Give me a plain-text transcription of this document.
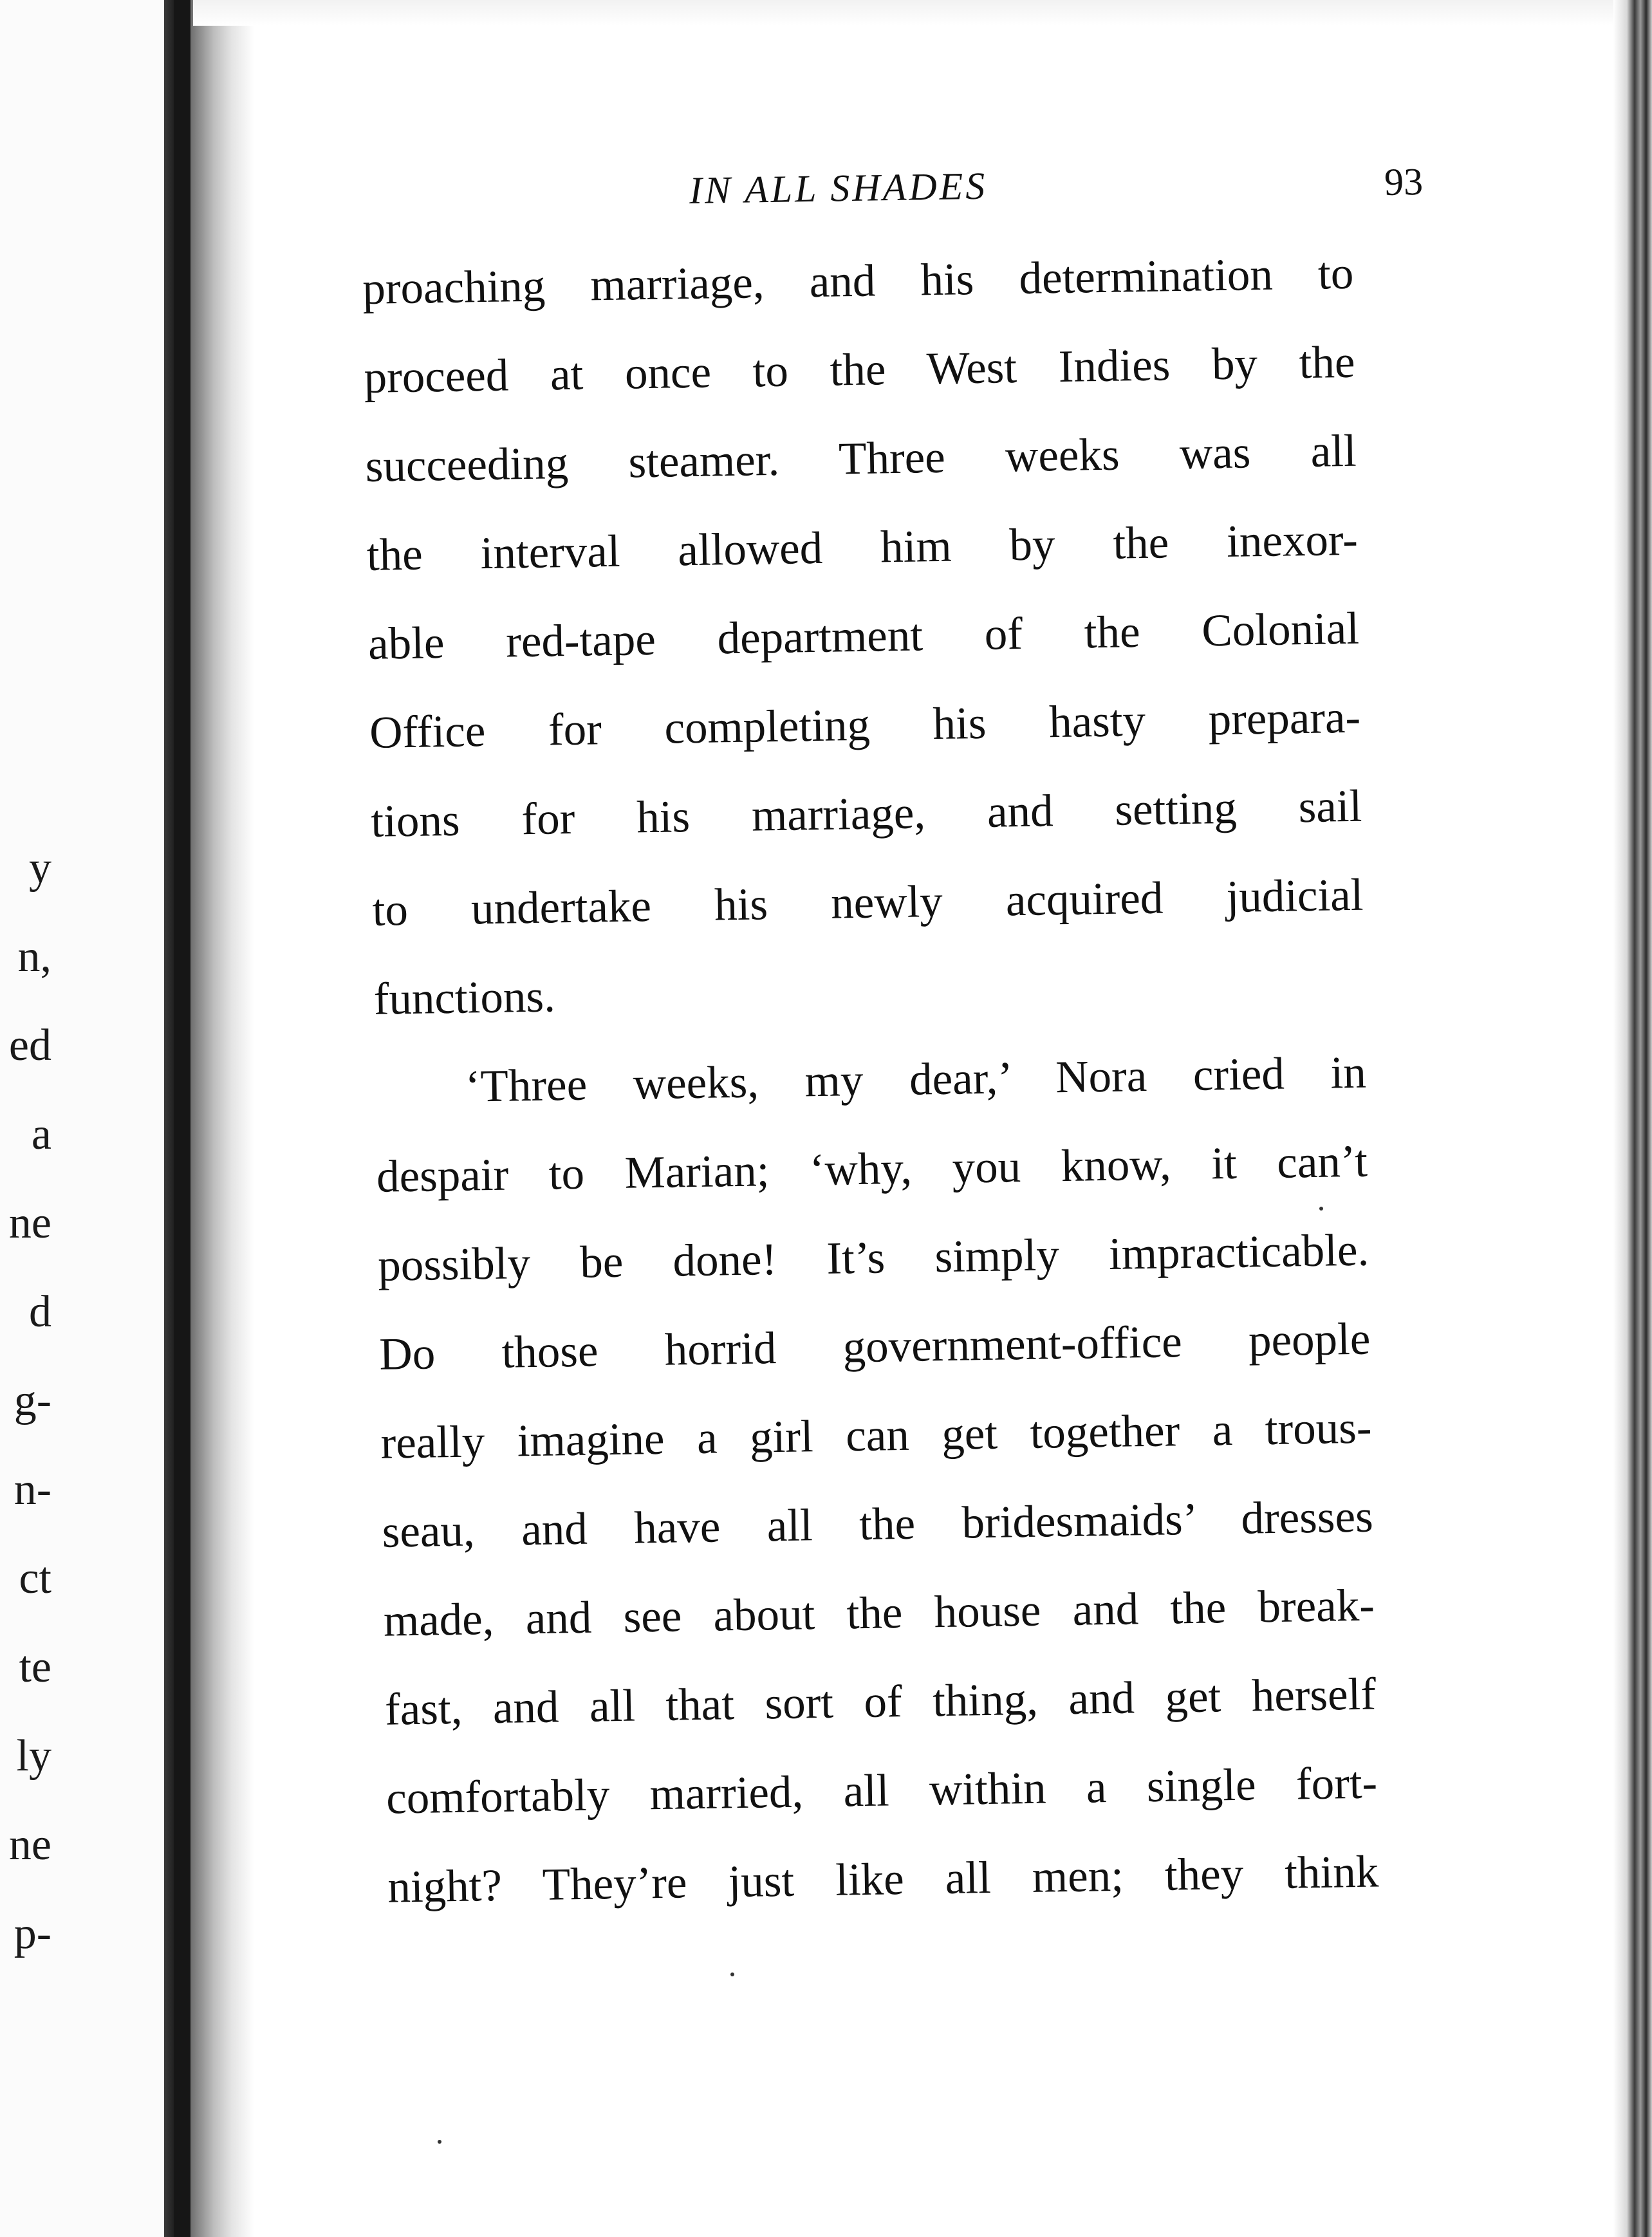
y
n,
ed
a
ne
d
g-
n-
ct
te
ly
ne
p-
IN ALL SHADES	93
proaching marriage, and his determination to
proceed at once to the West Indies by the
succeeding steamer. Three weeks was all
the interval allowed him by the inexor-
able red-tape department of the Colonial
Office for completing his hasty prepara-
tions for his marriage, and setting sail
to undertake his newly acquired judicial
functions.
‘Three weeks, my dear,’ Nora cried in
despair to Marian; ‘why, you know, it can’t
possibly be done! It’s simply impracticable.
Do those horrid government-office people
really imagine a girl can get together a trous-
seau, and have all the bridesmaids’ dresses
made, and see about the house and the break-
fast, and all that sort of thing, and get herself
comfortably married, all within a single fort-
night? They’re just like all men; they think
